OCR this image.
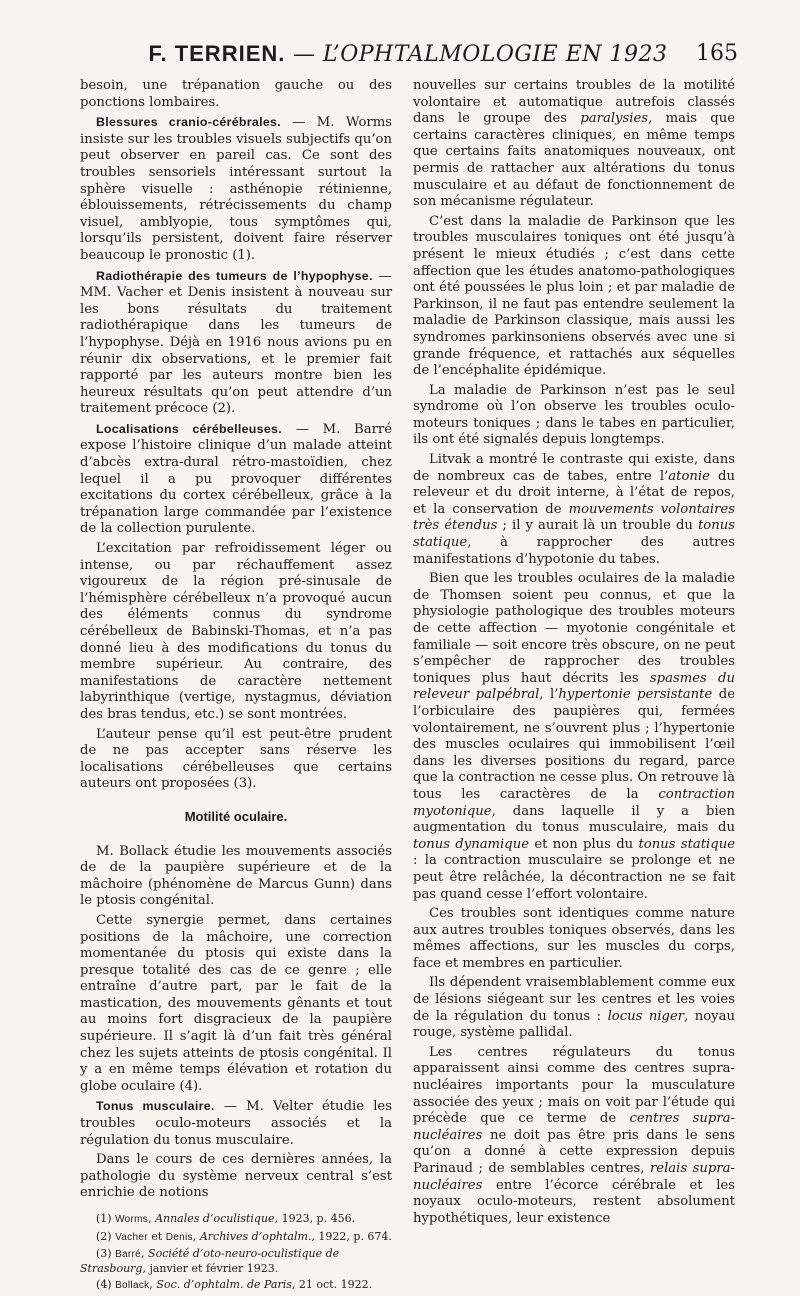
F. TERRIEN. — L’OPHTALMOLOGIE EN 1923	165

besoin, une trépanation gauche ou des ponctions lombaires.

Blessures cranio-cérébrales. — M. Worms insiste sur les troubles visuels subjectifs qu’on peut observer en pareil cas. Ce sont des troubles sensoriels intéressant surtout la sphère visuelle : asthénopie rétinienne, éblouissements, rétrécissements du champ visuel, amblyopie, tous symptômes qui, lorsqu’ils persistent, doivent faire réserver beaucoup le pronostic (1).

Radiothérapie des tumeurs de l’hypophyse. — MM. Vacher et Denis insistent à nouveau sur les bons résultats du traitement radiothérapique dans les tumeurs de l’hypophyse. Déjà en 1916 nous avions pu en réunir dix observations, et le premier fait rapporté par les auteurs montre bien les heureux résultats qu’on peut attendre d’un traitement précoce (2).

Localisations cérébelleuses. — M. Barré expose l’histoire clinique d’un malade atteint d’abcès extra-dural rétro-mastoïdien, chez lequel il a pu provoquer différentes excitations du cortex cérébelleux, grâce à la trépanation large commandée par l’existence de la collection purulente.

L’excitation par refroidissement léger ou intense, ou par réchauffement assez vigoureux de la région pré-sinusale de l’hémisphère cérébelleux n’a provoqué aucun des éléments connus du syndrome cérébelleux de Babinski-Thomas, et n’a pas donné lieu à des modifications du tonus du membre supérieur. Au contraire, des manifestations de caractère nettement labyrinthique (vertige, nystagmus, déviation des bras tendus, etc.) se sont montrées.

L’auteur pense qu’il est peut-être prudent de ne pas accepter sans réserve les localisations cérébelleuses que certains auteurs ont proposées (3).

Motilité oculaire.

M. Bollack étudie les mouvements associés de de la paupière supérieure et de la mâchoire (phénomène de Marcus Gunn) dans le ptosis congénital.

Cette synergie permet, dans certaines positions de la mâchoire, une correction momentanée du ptosis qui existe dans la presque totalité des cas de ce genre ; elle entraîne d’autre part, par le fait de la mastication, des mouvements gênants et tout au moins fort disgracieux de la paupière supérieure. Il s’agit là d’un fait très général chez les sujets atteints de ptosis congénital. Il y a en même temps élévation et rotation du globe oculaire (4).

Tonus musculaire. — M. Velter étudie les troubles oculo-moteurs associés et la régulation du tonus musculaire.

Dans le cours de ces dernières années, la pathologie du système nerveux central s’est enrichie de notions

(1) Worms, Annales d’oculistique, 1923, p. 456.

(2) Vacher et Denis, Archives d’ophtalm., 1922, p. 674.

(3) Barré, Société d’oto-neuro-oculistique de Strasbourg, janvier et février 1923.

(4) Bollack, Soc. d’ophtalm. de Paris, 21 oct. 1922.

nouvelles sur certains troubles de la motilité volontaire et automatique autrefois classés dans le groupe des paralysies, mais que certains caractères cliniques, en même temps que certains faits anatomiques nouveaux, ont permis de rattacher aux altérations du tonus musculaire et au défaut de fonctionnement de son mécanisme régulateur.

C’est dans la maladie de Parkinson que les troubles musculaires toniques ont été jusqu’à présent le mieux étudiés ; c’est dans cette affection que les études anatomo-pathologiques ont été poussées le plus loin ; et par maladie de Parkinson, il ne faut pas entendre seulement la maladie de Parkinson classique, mais aussi les syndromes parkinsoniens observés avec une si grande fréquence, et rattachés aux séquelles de l’encéphalite épidémique.

La maladie de Parkinson n’est pas le seul syndrome où l’on observe les troubles oculo-moteurs toniques ; dans le tabes en particulier, ils ont été signalés depuis longtemps.

Litvak a montré le contraste qui existe, dans de nombreux cas de tabes, entre l’atonie du releveur et du droit interne, à l’état de repos, et la conservation de mouvements volontaires très étendus ; il y aurait là un trouble du tonus statique, à rapprocher des autres manifestations d’hypotonie du tabes.

Bien que les troubles oculaires de la maladie de Thomsen soient peu connus, et que la physiologie pathologique des troubles moteurs de cette affection — myotonie congénitale et familiale — soit encore très obscure, on ne peut s’empêcher de rapprocher des troubles toniques plus haut décrits les spasmes du releveur palpébral, l’hypertonie persistante de l’orbiculaire des paupières qui, fermées volontairement, ne s’ouvrent plus ; l’hypertonie des muscles oculaires qui immobilisent l’œil dans les diverses positions du regard, parce que la contraction ne cesse plus. On retrouve là tous les caractères de la contraction myotonique, dans laquelle il y a bien augmentation du tonus musculaire, mais du tonus dynamique et non plus du tonus statique : la contraction musculaire se prolonge et ne peut être relâchée, la décontraction ne se fait pas quand cesse l’effort volontaire.

Ces troubles sont identiques comme nature aux autres troubles toniques observés, dans les mêmes affections, sur les muscles du corps, face et membres en particulier.

Ils dépendent vraisemblablement comme eux de lésions siégeant sur les centres et les voies de la régulation du tonus : locus niger, noyau rouge, système pallidal.

Les centres régulateurs du tonus apparaissent ainsi comme des centres supra-nucléaires importants pour la musculature associée des yeux ; mais on voit par l’étude qui précède que ce terme de centres supra-nucléaires ne doit pas être pris dans le sens qu’on a donné à cette expression depuis Parinaud ; de semblables centres, relais supra-nucléaires entre l’écorce cérébrale et les noyaux oculo-moteurs, restent absolument hypothétiques, leur existence
